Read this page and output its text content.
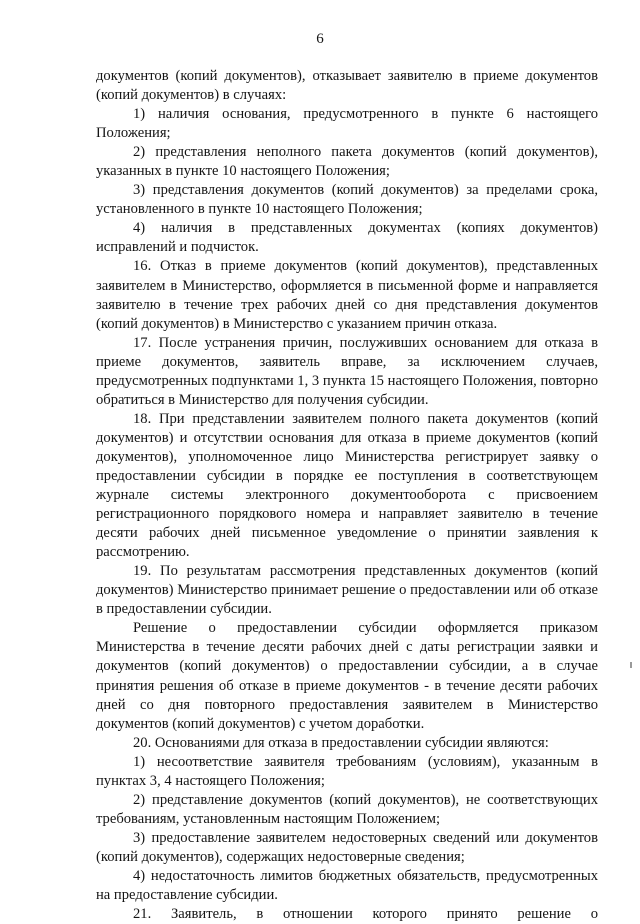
6

документов (копий документов), отказывает заявителю в приеме документов (копий документов) в случаях:

1) наличия основания, предусмотренного в пункте 6 настоящего Положения;

2) представления неполного пакета документов (копий документов), указанных в пункте 10 настоящего Положения;

3) представления документов (копий документов) за пределами срока, установленного в пункте 10 настоящего Положения;

4) наличия в представленных документах (копиях документов) исправлений и подчисток.

16. Отказ в приеме документов (копий документов), представленных заявителем в Министерство, оформляется в письменной форме и направляется заявителю в течение трех рабочих дней со дня представления документов (копий документов) в Министерство с указанием причин отказа.

17. После устранения причин, послуживших основанием для отказа в приеме документов, заявитель вправе, за исключением случаев, предусмотренных подпунктами 1, 3 пункта 15 настоящего Положения, повторно обратиться в Министерство для получения субсидии.

18. При представлении заявителем полного пакета документов (копий документов) и отсутствии основания для отказа в приеме документов (копий документов), уполномоченное лицо Министерства регистрирует заявку о предоставлении субсидии в порядке ее поступления в соответствующем журнале системы электронного документооборота с присвоением регистрационного порядкового номера и направляет заявителю в течение десяти рабочих дней письменное уведомление о принятии заявления к рассмотрению.

19. По результатам рассмотрения представленных документов (копий документов) Министерство принимает решение о предоставлении или об отказе в предоставлении субсидии.

Решение о предоставлении субсидии оформляется приказом Министерства в течение десяти рабочих дней с даты регистрации заявки и документов (копий документов) о предоставлении субсидии, а в случае принятия решения об отказе в приеме документов - в течение десяти рабочих дней со дня повторного предоставления заявителем в Министерство документов (копий документов) с учетом доработки.

20. Основаниями для отказа в предоставлении субсидии являются:

1) несоответствие заявителя требованиям (условиям), указанным в пунктах 3, 4 настоящего Положения;

2) представление документов (копий документов), не соответствующих требованиям, установленным настоящим Положением;

3) предоставление заявителем недостоверных сведений или документов (копий документов), содержащих недостоверные сведения;

4) недостаточность лимитов бюджетных обязательств, предусмотренных на предоставление субсидии.

21. Заявитель, в отношении которого принято решение о
